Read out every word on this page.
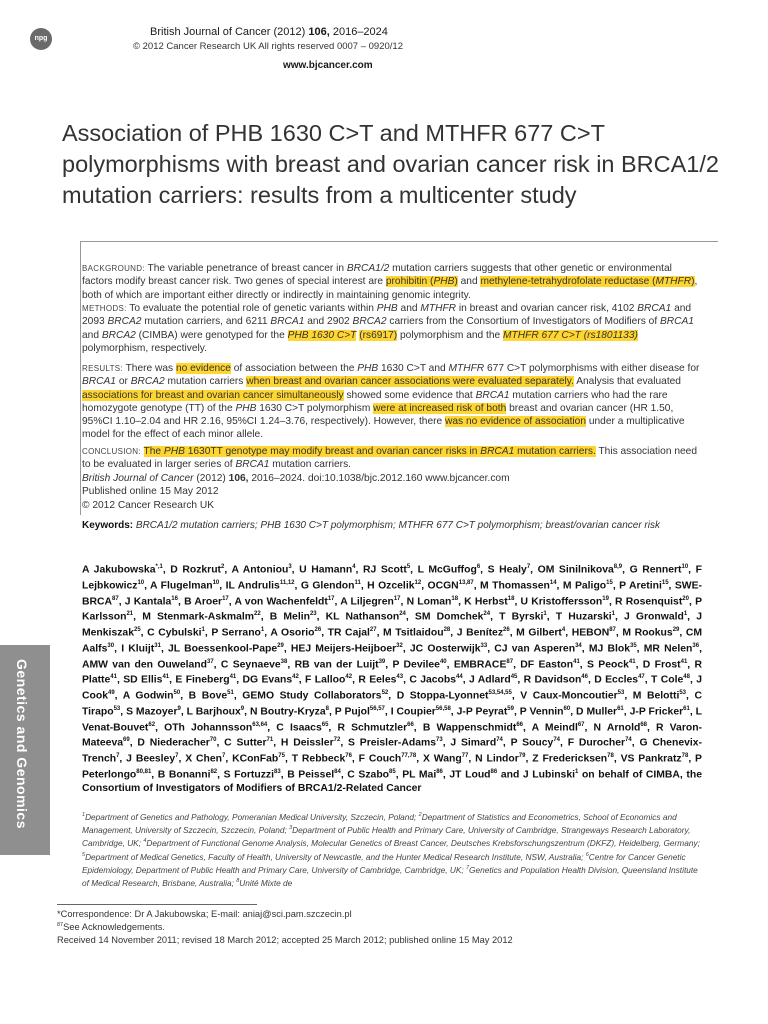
npg
British Journal of Cancer (2012) 106, 2016–2024
© 2012 Cancer Research UK All rights reserved 0007 – 0920/12
www.bjcancer.com
Association of PHB 1630 C>T and MTHFR 677 C>T polymorphisms with breast and ovarian cancer risk in BRCA1/2 mutation carriers: results from a multicenter study

BACKGROUND: The variable penetrance of breast cancer in BRCA1/2 mutation carriers suggests that other genetic or environmental factors modify breast cancer risk. Two genes of special interest are prohibitin (PHB) and methylene-tetrahydrofolate reductase (MTHFR), both of which are important either directly or indirectly in maintaining genomic integrity.

METHODS: To evaluate the potential role of genetic variants within PHB and MTHFR in breast and ovarian cancer risk, 4102 BRCA1 and 2093 BRCA2 mutation carriers, and 6211 BRCA1 and 2902 BRCA2 carriers from the Consortium of Investigators of Modifiers of BRCA1 and BRCA2 (CIMBA) were genotyped for the PHB 1630 C>T (rs6917) polymorphism and the MTHFR 677 C>T (rs1801133) polymorphism, respectively.

RESULTS: There was no evidence of association between the PHB 1630 C>T and MTHFR 677 C>T polymorphisms with either disease for BRCA1 or BRCA2 mutation carriers when breast and ovarian cancer associations were evaluated separately. Analysis that evaluated associations for breast and ovarian cancer simultaneously showed some evidence that BRCA1 mutation carriers who had the rare homozygote genotype (TT) of the PHB 1630 C>T polymorphism were at increased risk of both breast and ovarian cancer (HR 1.50, 95%CI 1.10–2.04 and HR 2.16, 95%CI 1.24–3.76, respectively). However, there was no evidence of association under a multiplicative model for the effect of each minor allele.

CONCLUSION: The PHB 1630TT genotype may modify breast and ovarian cancer risks in BRCA1 mutation carriers. This association need to be evaluated in larger series of BRCA1 mutation carriers.

British Journal of Cancer (2012) 106, 2016–2024. doi:10.1038/bjc.2012.160 www.bjcancer.com
Published online 15 May 2012
© 2012 Cancer Research UK
Keywords: BRCA1/2 mutation carriers; PHB 1630 C>T polymorphism; MTHFR 677 C>T polymorphism; breast/ovarian cancer risk

A Jakubowska$^{*,1}$, D Rozkrut$^2$, A Antoniou$^3$, U Hamann$^4$, RJ Scott$^5$, L McGuffog$^6$, S Healy$^7$, OM Sinilnikova$^{8,9}$, G Rennert$^{10}$, F Lejbkowicz$^{10}$, A Flugelman$^{10}$, IL Andrulis$^{11,12}$, G Glendon$^{11}$, H Ozcelik$^{12}$, OCGN$^{13,87}$, M Thomassen$^{14}$, M Paligo$^{15}$, P Aretini$^{15}$, SWE-BRCA$^{87}$, J Kantala$^{16}$, B Aroer$^{17}$, A von Wachenfeldt$^{17}$, A Liljegren$^{17}$, N Loman$^{18}$, K Herbst$^{18}$, U Kristoffersson$^{19}$, R Rosenquist$^{20}$, P Karlsson$^{21}$, M Stenmark-Askmalm$^{22}$, B Melin$^{23}$, KL Nathanson$^{24}$, SM Domchek$^{24}$, T Byrski$^1$, T Huzarski$^1$, J Gronwald$^1$, J Menkiszak$^{25}$, C Cybulski$^1$, P Serrano$^1$, A Osorio$^{26}$, TR Cajal$^{27}$, M Tsitlaidou$^{28}$, J Benítez$^{26}$, M Gilbert$^4$, HEBON$^{87}$, M Rookus$^{29}$, CM Aalfs$^{30}$, I Kluijt$^{31}$, JL Boessenkool-Pape$^{29}$, HEJ Meijers-Heijboer$^{32}$, JC Oosterwijk$^{33}$, CJ van Asperen$^{34}$, MJ Blok$^{35}$, MR Nelen$^{36}$, AMW van den Ouweland$^{37}$, C Seynaeve$^{38}$, RB van der Luijt$^{39}$, P Devilee$^{40}$, EMBRACE$^{87}$, DF Easton$^{41}$, S Peock$^{41}$, D Frost$^{41}$, R Platte$^{41}$, SD Ellis$^{41}$, E Fineberg$^{41}$, DG Evans$^{42}$, F Lalloo$^{42}$, R Eeles$^{43}$, C Jacobs$^{44}$, J Adlard$^{45}$, R Davidson$^{46}$, D Eccles$^{47}$, T Cole$^{48}$, J Cook$^{49}$, A Godwin$^{50}$, B Bove$^{51}$, GEMO Study Collaborators$^{52}$, D Stoppa-Lyonnet$^{53,54,55}$, V Caux-Moncoutier$^{53}$, M Belotti$^{53}$, C Tirapo$^{53}$, S Mazoyer$^9$, L Barjhoux$^9$, N Boutry-Kryza$^8$, P Pujol$^{56,57}$, I Coupier$^{56,58}$, J-P Peyrat$^{59}$, P Vennin$^{60}$, D Muller$^{61}$, J-P Fricker$^{61}$, L Venat-Bouvet$^{62}$, OTh Johannsson$^{63,64}$, C Isaacs$^{65}$, R Schmutzler$^{66}$, B Wappenschmidt$^{66}$, A Meindl$^{67}$, N Arnold$^{68}$, R Varon-Mateeva$^{69}$, D Niederacher$^{70}$, C Sutter$^{71}$, H Deissler$^{72}$, S Preisler-Adams$^{73}$, J Simard$^{74}$, P Soucy$^{74}$, F Durocher$^{74}$, G Chenevix-Trench$^7$, J Beesley$^7$, X Chen$^7$, KConFab$^{75}$, T Rebbeck$^{76}$, F Couch$^{77,78}$, X Wang$^{77}$, N Lindor$^{79}$, Z Fredericksen$^{78}$, VS Pankratz$^{78}$, P Peterlongo$^{80,81}$, B Bonanni$^{82}$, S Fortuzzi$^{83}$, B Peissel$^{84}$, C Szabo$^{85}$, PL Mai$^{86}$, JT Loud$^{86}$ and J Lubinski$^1$ on behalf of CIMBA, the Consortium of Investigators of Modifiers of BRCA1/2-Related Cancer

$^1$Department of Genetics and Pathology, Pomeranian Medical University, Szczecin, Poland; $^2$Department of Statistics and Econometrics, School of Economics and Management, University of Szczecin, Szczecin, Poland; $^3$Department of Public Health and Primary Care, University of Cambridge, Strangeways Research Laboratory, Cambridge, UK; $^4$Department of Functional Genome Analysis, Molecular Genetics of Breast Cancer, Deutsches Krebsforschungszentrum (DKFZ), Heidelberg, Germany; $^5$Department of Medical Genetics, Faculty of Health, University of Newcastle, and the Hunter Medical Research Institute, NSW, Australia; $^6$Centre for Cancer Genetic Epidemiology, Department of Public Health and Primary Care, University of Cambridge, Cambridge, UK; $^7$Genetics and Population Health Division, Queensland Institute of Medical Research, Brisbane, Australia; $^8$Unité Mixte de

Genetics and Genomics
*Correspondence: Dr A Jakubowska; E-mail: aniaj@sci.pam.szczecin.pl
$^{87}$See Acknowledgements.
Received 14 November 2011; revised 18 March 2012; accepted 25 March 2012; published online 15 May 2012
